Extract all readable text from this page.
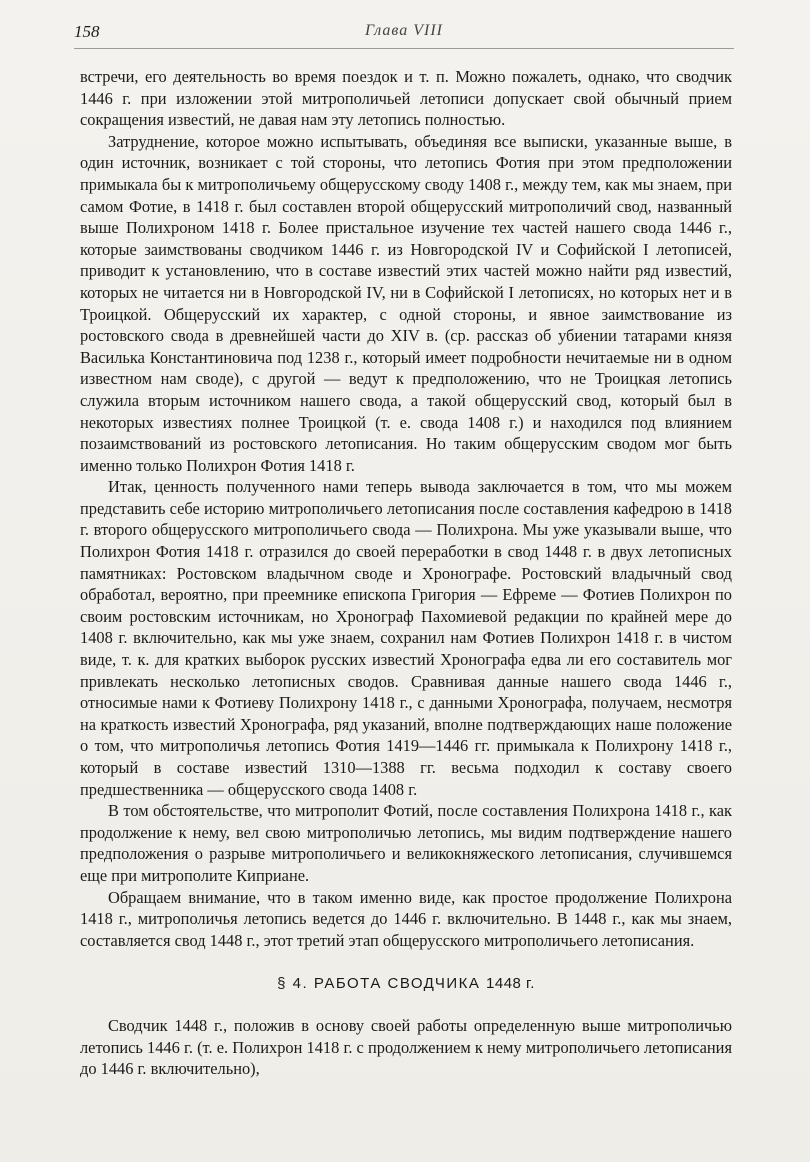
158	Глава VIII

встречи, его деятельность во время поездок и т. п. Можно пожалеть, однако, что сводчик 1446 г. при изложении этой митрополичьей летописи допускает свой обычный прием сокращения известий, не давая нам эту летопись полностью.

Затруднение, которое можно испытывать, объединяя все выписки, указанные выше, в один источник, возникает с той стороны, что летопись Фотия при этом предположении примыкала бы к митрополичьему общерусскому своду 1408 г., между тем, как мы знаем, при самом Фотие, в 1418 г. был составлен второй общерусский митрополичий свод, названный выше Полихроном 1418 г. Более пристальное изучение тех частей нашего свода 1446 г., которые заимствованы сводчиком 1446 г. из Новгородской IV и Софийской I летописей, приводит к установлению, что в составе известий этих частей можно найти ряд известий, которых не читается ни в Новгородской IV, ни в Софийской I летописях, но которых нет и в Троицкой. Общерусский их характер, с одной стороны, и явное заимствование из ростовского свода в древнейшей части до XIV в. (ср. рассказ об убиении татарами князя Василька Константиновича под 1238 г., который имеет подробности нечитаемые ни в одном известном нам своде), с другой — ведут к предположению, что не Троицкая летопись служила вторым источником нашего свода, а такой общерусский свод, который был в некоторых известиях полнее Троицкой (т. е. свода 1408 г.) и находился под влиянием позаимствований из ростовского летописания. Но таким общерусским сводом мог быть именно только Полихрон Фотия 1418 г.

Итак, ценность полученного нами теперь вывода заключается в том, что мы можем представить себе историю митрополичьего летописания после составления кафедрою в 1418 г. второго общерусского митрополичьего свода — Полихрона. Мы уже указывали выше, что Полихрон Фотия 1418 г. отразился до своей переработки в свод 1448 г. в двух летописных памятниках: Ростовском владычном своде и Хронографе. Ростовский владычный свод обработал, вероятно, при преемнике епископа Григория — Ефреме — Фотиев Полихрон по своим ростовским источникам, но Хронограф Пахомиевой редакции по крайней мере до 1408 г. включительно, как мы уже знаем, сохранил нам Фотиев Полихрон 1418 г. в чистом виде, т. к. для кратких выборок русских известий Хронографа едва ли его составитель мог привлекать несколько летописных сводов. Сравнивая данные нашего свода 1446 г., относимые нами к Фотиеву Полихрону 1418 г., с данными Хронографа, получаем, несмотря на краткость известий Хронографа, ряд указаний, вполне подтверждающих наше положение о том, что митрополичья летопись Фотия 1419—1446 гг. примыкала к Полихрону 1418 г., который в составе известий 1310—1388 гг. весьма подходил к составу своего предшественника — общерусского свода 1408 г.

В том обстоятельстве, что митрополит Фотий, после составления Полихрона 1418 г., как продолжение к нему, вел свою митрополичью летопись, мы видим подтверждение нашего предположения о разрыве митрополичьего и великокняжеского летописания, случившемся еще при митрополите Киприане.

Обращаем внимание, что в таком именно виде, как простое продолжение Полихрона 1418 г., митрополичья летопись ведется до 1446 г. включительно. В 1448 г., как мы знаем, составляется свод 1448 г., этот третий этап общерусского митрополичьего летописания.

§ 4. РАБОТА СВОДЧИКА 1448 г.

Сводчик 1448 г., положив в основу своей работы определенную выше митрополичью летопись 1446 г. (т. е. Полихрон 1418 г. с продолжением к нему митрополичьего летописания до 1446 г. включительно),
